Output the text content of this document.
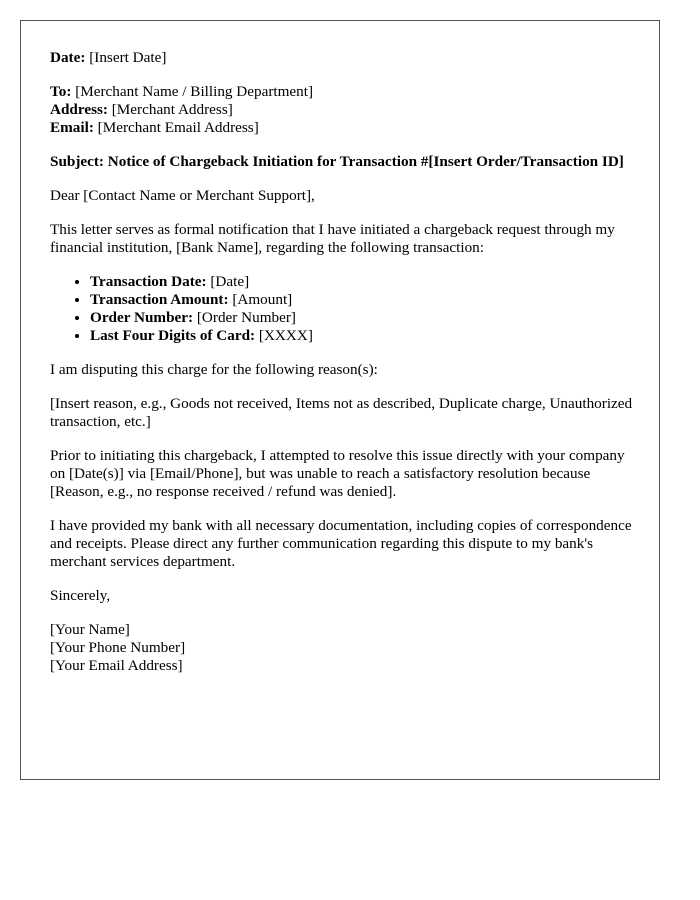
Date: [Insert Date]
To: [Merchant Name / Billing Department]
Address: [Merchant Address]
Email: [Merchant Email Address]
Subject: Notice of Chargeback Initiation for Transaction #[Insert Order/Transaction ID]
Dear [Contact Name or Merchant Support],
This letter serves as formal notification that I have initiated a chargeback request through my financial institution, [Bank Name], regarding the following transaction:
• Transaction Date: [Date]
• Transaction Amount: [Amount]
• Order Number: [Order Number]
• Last Four Digits of Card: [XXXX]
I am disputing this charge for the following reason(s):
[Insert reason, e.g., Goods not received, Items not as described, Duplicate charge, Unauthorized transaction, etc.]
Prior to initiating this chargeback, I attempted to resolve this issue directly with your company on [Date(s)] via [Email/Phone], but was unable to reach a satisfactory resolution because [Reason, e.g., no response received / refund was denied].
I have provided my bank with all necessary documentation, including copies of correspondence and receipts. Please direct any further communication regarding this dispute to my bank's merchant services department.
Sincerely,
[Your Name]
[Your Phone Number]
[Your Email Address]
